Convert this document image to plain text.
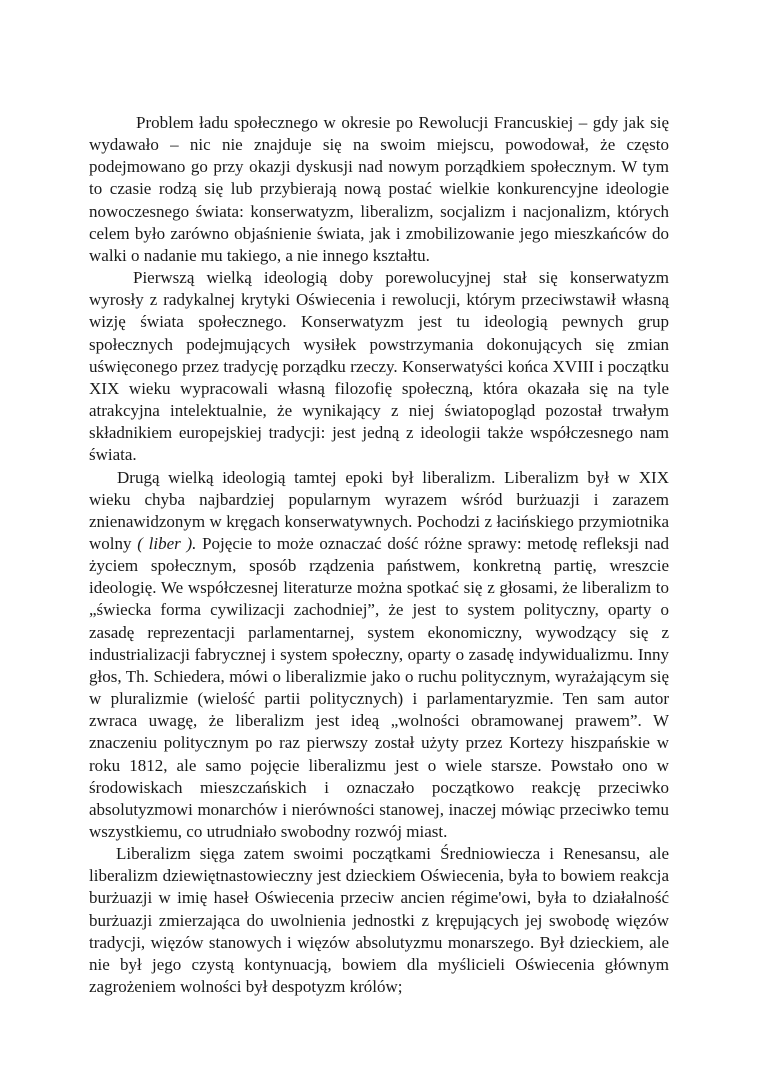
Problem ładu społecznego w okresie po Rewolucji Francuskiej – gdy jak się wydawało – nic nie znajduje się na swoim miejscu, powodował, że często podejmowano go przy okazji dyskusji nad nowym porządkiem społecznym. W tym to czasie rodzą się lub przybierają nową postać wielkie konkurencyjne ideologie nowoczesnego świata: konserwatyzm, liberalizm, socjalizm i nacjonalizm, których celem było zarówno objaśnienie świata, jak i zmobilizowanie jego mieszkańców do walki o nadanie mu takiego, a nie innego kształtu.

Pierwszą wielką ideologią doby porewolucyjnej stał się konserwatyzm wyrosły z radykalnej krytyki Oświecenia i rewolucji, którym przeciwstawił własną wizję świata społecznego. Konserwatyzm jest tu ideologią pewnych grup społecznych podejmujących wysiłek powstrzymania dokonujących się zmian uświęconego przez tradycję porządku rzeczy. Konserwatyści końca XVIII i początku XIX wieku wypracowali własną filozofię społeczną, która okazała się na tyle atrakcyjna intelektualnie, że wynikający z niej światopogląd pozostał trwałym składnikiem europejskiej tradycji: jest jedną z ideologii także współczesnego nam świata.

Drugą wielką ideologią tamtej epoki był liberalizm. Liberalizm był w XIX wieku chyba najbardziej popularnym wyrazem wśród burżuazji i zarazem znienawidzonym w kręgach konserwatywnych. Pochodzi z łacińskiego przymiotnika wolny ( liber ). Pojęcie to może oznaczać dość różne sprawy: metodę refleksji nad życiem społecznym, sposób rządzenia państwem, konkretną partię, wreszcie ideologię. We współczesnej literaturze można spotkać się z głosami, że liberalizm to „świecka forma cywilizacji zachodniej”, że jest to system polityczny, oparty o zasadę reprezentacji parlamentarnej, system ekonomiczny, wywodzący się z industrializacji fabrycznej i system społeczny, oparty o zasadę indywidualizmu. Inny głos, Th. Schiedera, mówi o liberalizmie jako o ruchu politycznym, wyrażającym się w pluralizmie (wielość partii politycznych) i parlamentaryzmie. Ten sam autor zwraca uwagę, że liberalizm jest ideą „wolności obramowanej prawem”. W znaczeniu politycznym po raz pierwszy został użyty przez Kortezy hiszpańskie w roku 1812, ale samo pojęcie liberalizmu jest o wiele starsze. Powstało ono w środowiskach mieszczańskich i oznaczało początkowo reakcję przeciwko absolutyzmowi monarchów i nierówności stanowej, inaczej mówiąc przeciwko temu wszystkiemu, co utrudniało swobodny rozwój miast.

Liberalizm sięga zatem swoimi początkami Średniowiecza i Renesansu, ale liberalizm dziewiętnastowieczny jest dzieckiem Oświecenia, była to bowiem reakcja burżuazji w imię haseł Oświecenia przeciw ancien régime'owi, była to działalność burżuazji zmierzająca do uwolnienia jednostki z krępujących jej swobodę więzów tradycji, więzów stanowych i więzów absolutyzmu monarszego. Był dzieckiem, ale nie był jego czystą kontynuacją, bowiem dla myślicieli Oświecenia głównym zagrożeniem wolności był despotyzm królów;
